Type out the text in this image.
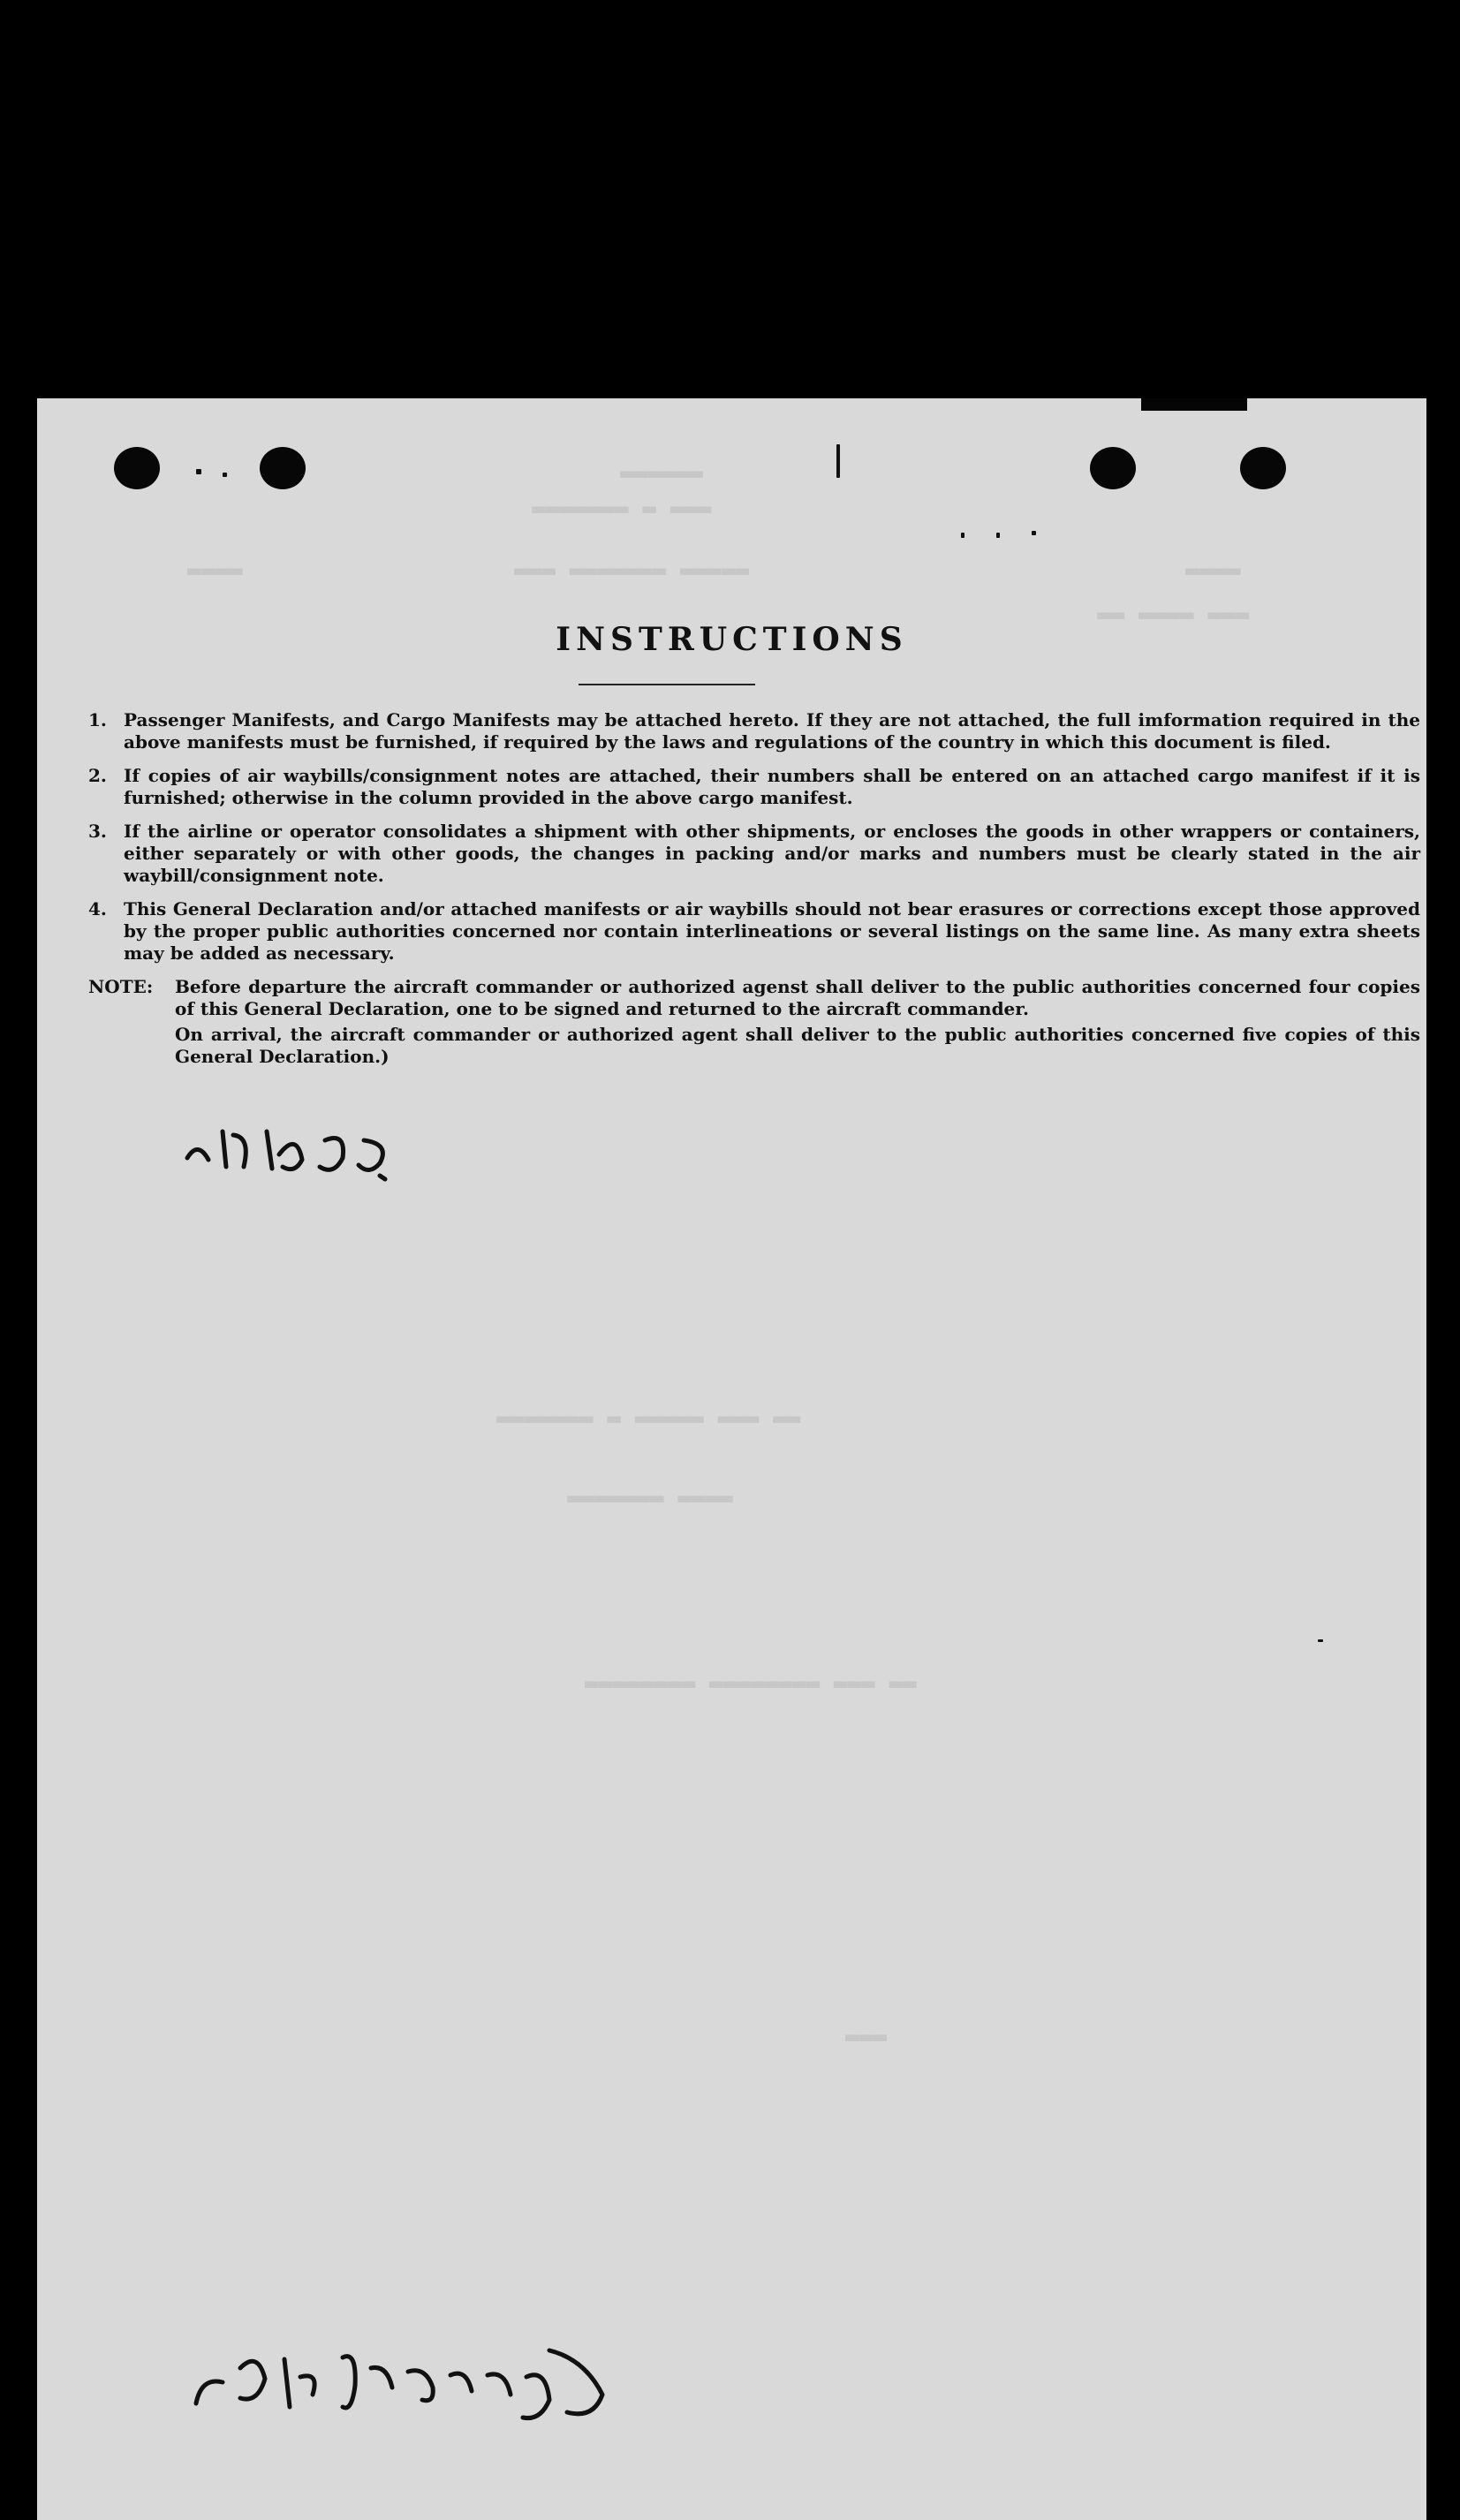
▬▬▬▬▬▬
▬▬▬ ▬ ▬▬▬▬▬▬▬
▬▬▬▬	▬▬▬▬▬ ▬▬▬▬▬▬▬ ▬▬▬	▬▬▬▬
▬▬▬ ▬▬▬▬ ▬▬
▬▬ ▬▬▬ ▬▬▬▬▬ ▬ ▬▬▬▬▬▬▬
▬▬▬▬ ▬▬▬▬▬▬▬
▬▬ ▬▬▬ ▬▬▬▬▬▬▬▬ ▬▬▬▬▬▬▬▬
▬▬▬
INSTRUCTIONS
1. Passenger Manifests, and Cargo Manifests may be attached hereto. If they are not attached, the full imformation required in the above manifests must be furnished, if required by the laws and regulations of the country in which this document is filed.
2. If copies of air waybills/consignment notes are attached, their numbers shall be entered on an attached cargo manifest if it is furnished; otherwise in the column provided in the above cargo manifest.
3. If the airline or operator consolidates a shipment with other shipments, or encloses the goods in other wrappers or containers, either separately or with other goods, the changes in packing and/or marks and numbers must be clearly stated in the air waybill/consignment note.
4. This General Declaration and/or attached manifests or air waybills should not bear erasures or corrections except those approved by the proper public authorities concerned nor contain interlineations or several listings on the same line. As many extra sheets may be added as necessary.
NOTE: Before departure the aircraft commander or authorized agenst shall deliver to the public authorities concerned four copies of this General Declaration, one to be signed and returned to the aircraft commander.
On arrival, the aircraft commander or authorized agent shall deliver to the public authorities concerned five copies of this General Declaration.)
